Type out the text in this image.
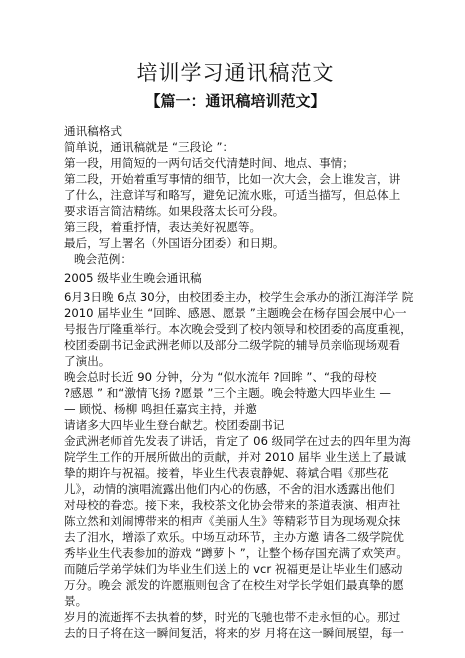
培训学习通讯稿范文
【篇一：通讯稿培训范文】

通讯稿格式

简单说，通讯稿就是 “三段论 ”：

第一段，用简短的一两句话交代清楚时间、地点、事情；

第二段，开始着重写事情的细节，比如一次大会，会上谁发言，讲

了什么，注意详写和略写，避免记流水账，可适当描写，但总体上

要求语言简洁精练。如果段落太长可分段。

第三段，着重抒情，表达美好祝愿等。

最后，写上署名（外国语分团委）和日期。

晚会范例：

2005 级毕业生晚会通讯稿

6月3日晚 6点 30分，由校团委主办，校学生会承办的浙江海洋学 院

2010 届毕业生 “回眸、感恩、愿景 ”主题晚会在杨存国会展中心一

号报告厅隆重举行。本次晚会受到了校内领导和校团委的高度重视，

校团委副书记金武洲老师以及部分二级学院的辅导员亲临现场观看

了演出。

晚会总时长近 90 分钟，分为 “似水流年 ?回眸 ”、“我的母校

?感恩 ” 和“激情飞扬 ?愿景 ”三个主题。晚会特邀大四毕业生 —

— 顾悦、杨柳 鸣担任嘉宾主持，并邀

请诸多大四毕业生登台献艺。校团委副书记

金武洲老师首先发表了讲话，肯定了 06 级同学在过去的四年里为海

院学生工作的开展所做出的贡献，并对 2010 届毕 业生送上了最诚

挚的期许与祝福。接着，毕业生代表袁静妮、蒋斌合唱《那些花

儿》，动情的演唱流露出他们内心的伤感，不舍的泪水透露出他们

对母校的眷恋。接下来，我校茶文化协会带来的茶道表演、相声社

陈立然和刘闹博带来的相声《美丽人生》等精彩节目为现场观众抹

去了泪水，增添了欢乐。中场互动环节，主办方邀 请各二级学院优

秀毕业生代表参加的游戏 “蹲萝卜 ”，让整个杨存国充满了欢笑声。

而随后学弟学妹们为毕业生们送上的 vcr 祝福更是让毕业生们感动

万分。晚会 派发的许愿瓶则包含了在校生对学长学姐们最真挚的愿

景。

岁月的流逝挥不去执着的梦，时光的飞驰也带不走永恒的心。那过

去的日子将在这一瞬间复活，将来的岁 月将在这一瞬间展望，每一
